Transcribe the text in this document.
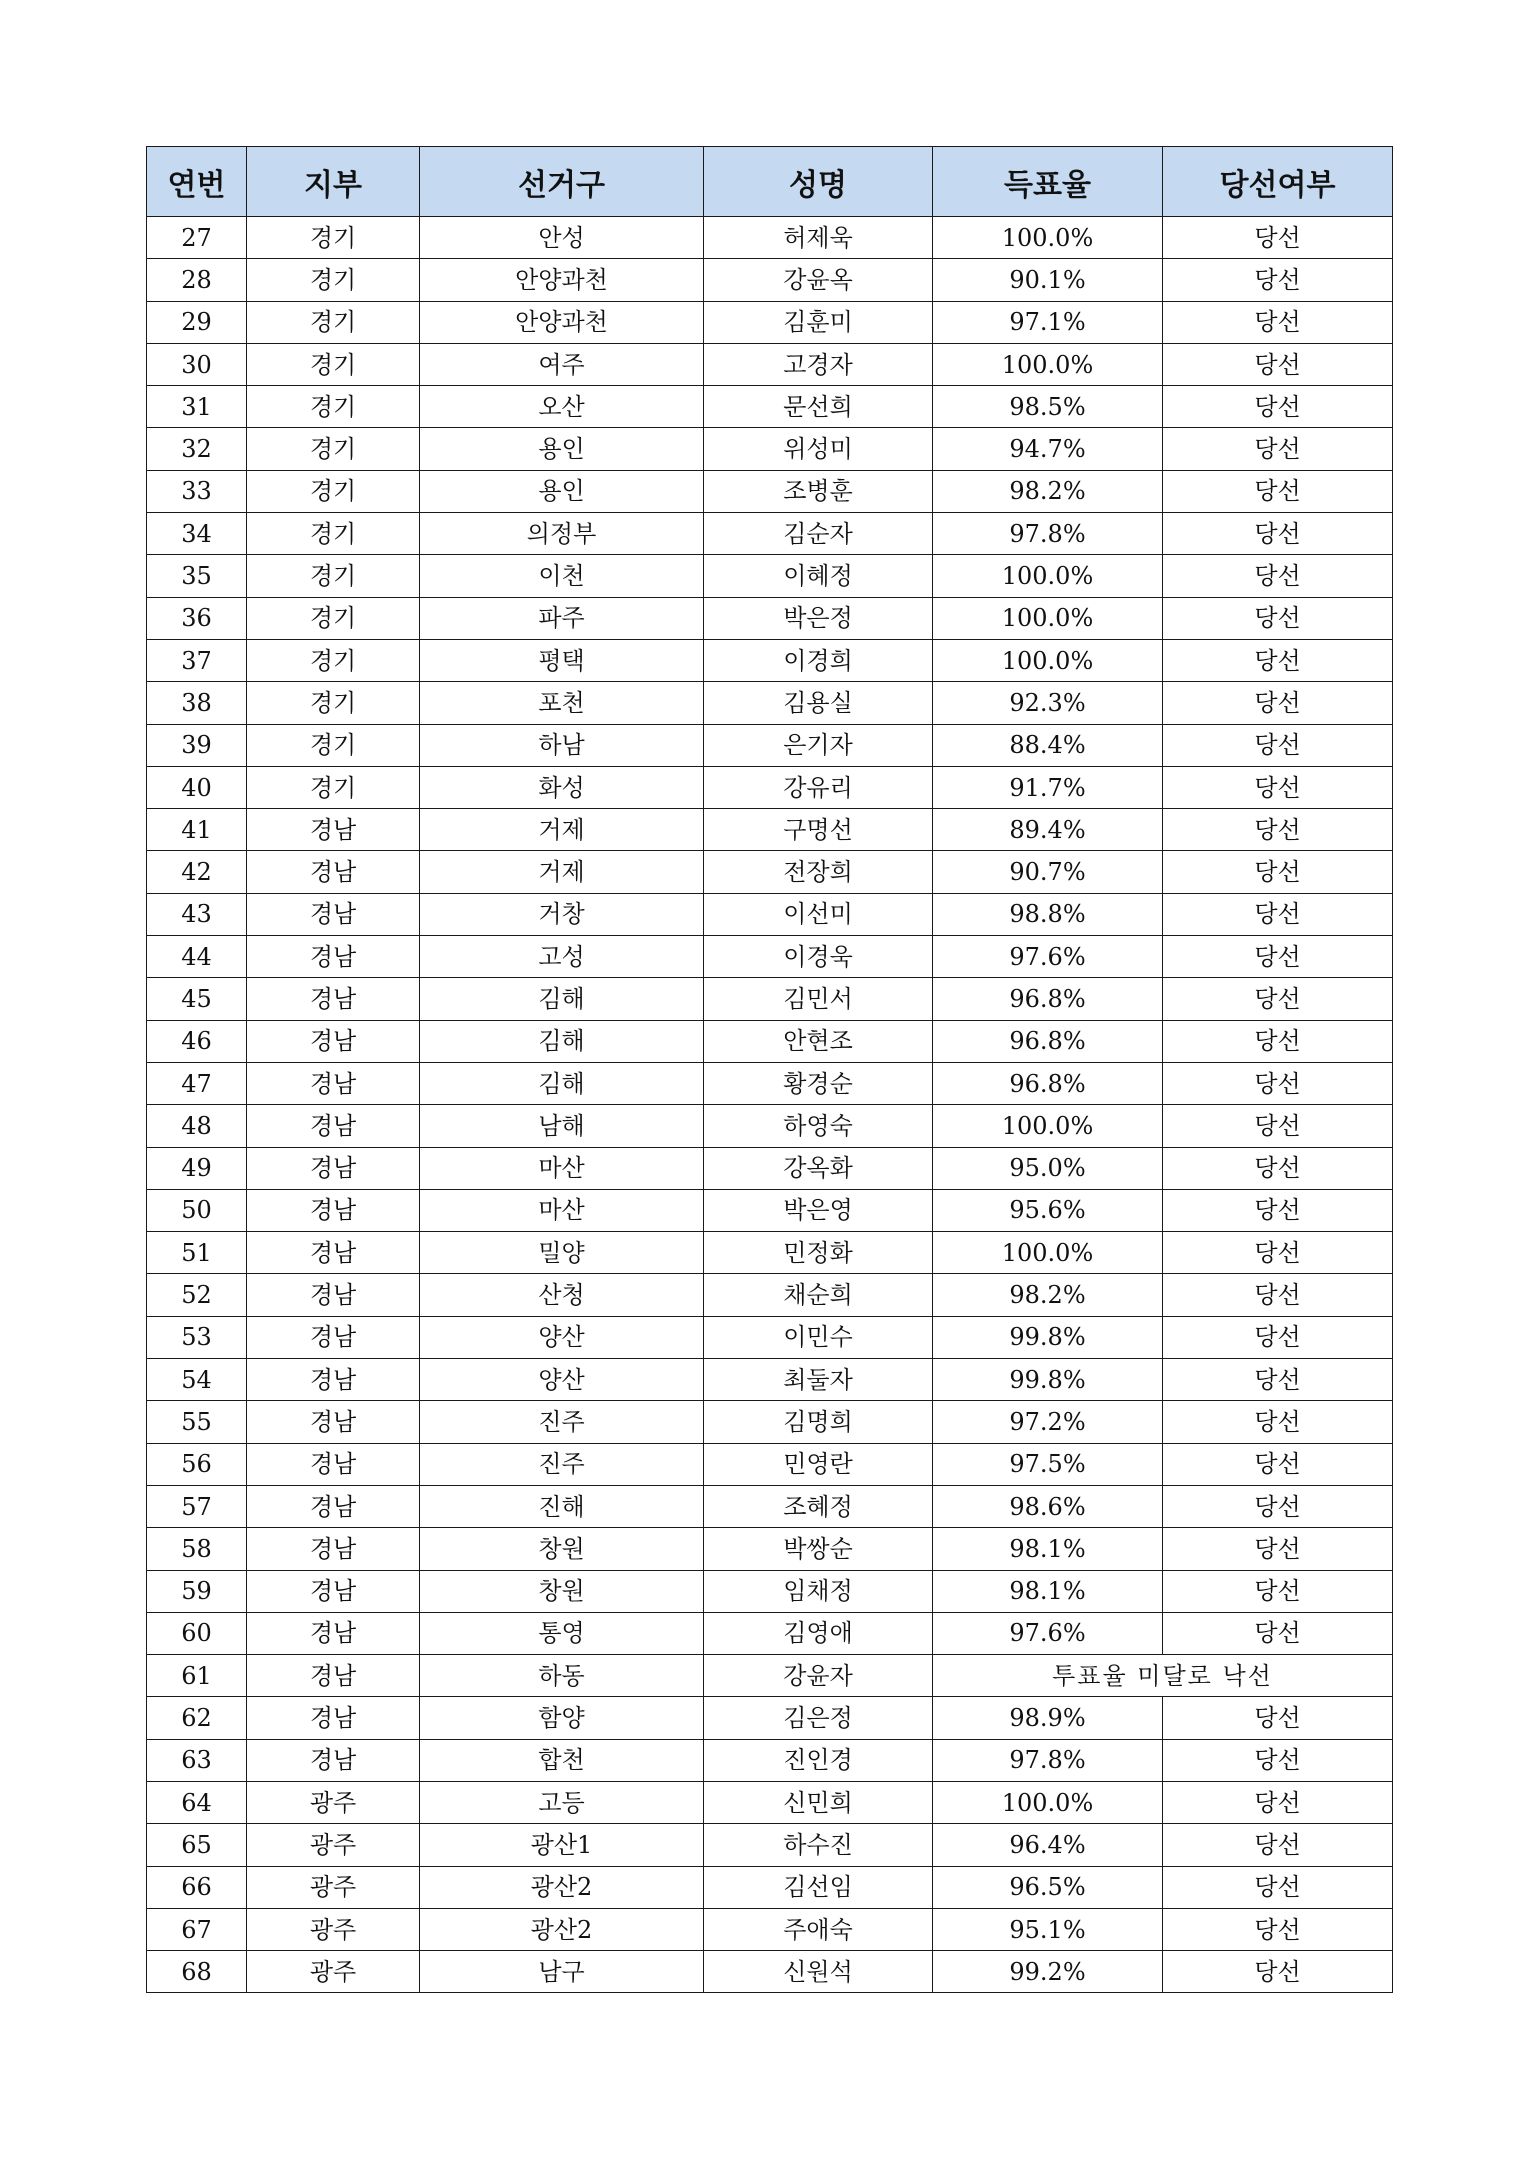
연번	지부	선거구	성명	득표율	당선여부
27	경기	안성	허제욱	100.0%	당선
28	경기	안양과천	강윤옥	90.1%	당선
29	경기	안양과천	김훈미	97.1%	당선
30	경기	여주	고경자	100.0%	당선
31	경기	오산	문선희	98.5%	당선
32	경기	용인	위성미	94.7%	당선
33	경기	용인	조병훈	98.2%	당선
34	경기	의정부	김순자	97.8%	당선
35	경기	이천	이혜정	100.0%	당선
36	경기	파주	박은정	100.0%	당선
37	경기	평택	이경희	100.0%	당선
38	경기	포천	김용실	92.3%	당선
39	경기	하남	은기자	88.4%	당선
40	경기	화성	강유리	91.7%	당선
41	경남	거제	구명선	89.4%	당선
42	경남	거제	전장희	90.7%	당선
43	경남	거창	이선미	98.8%	당선
44	경남	고성	이경욱	97.6%	당선
45	경남	김해	김민서	96.8%	당선
46	경남	김해	안현조	96.8%	당선
47	경남	김해	황경순	96.8%	당선
48	경남	남해	하영숙	100.0%	당선
49	경남	마산	강옥화	95.0%	당선
50	경남	마산	박은영	95.6%	당선
51	경남	밀양	민정화	100.0%	당선
52	경남	산청	채순희	98.2%	당선
53	경남	양산	이민수	99.8%	당선
54	경남	양산	최둘자	99.8%	당선
55	경남	진주	김명희	97.2%	당선
56	경남	진주	민영란	97.5%	당선
57	경남	진해	조혜정	98.6%	당선
58	경남	창원	박쌍순	98.1%	당선
59	경남	창원	임채정	98.1%	당선
60	경남	통영	김영애	97.6%	당선
61	경남	하동	강윤자	투표율 미달로 낙선	
62	경남	함양	김은정	98.9%	당선
63	경남	합천	진인경	97.8%	당선
64	광주	고등	신민희	100.0%	당선
65	광주	광산1	하수진	96.4%	당선
66	광주	광산2	김선임	96.5%	당선
67	광주	광산2	주애숙	95.1%	당선
68	광주	남구	신원석	99.2%	당선
